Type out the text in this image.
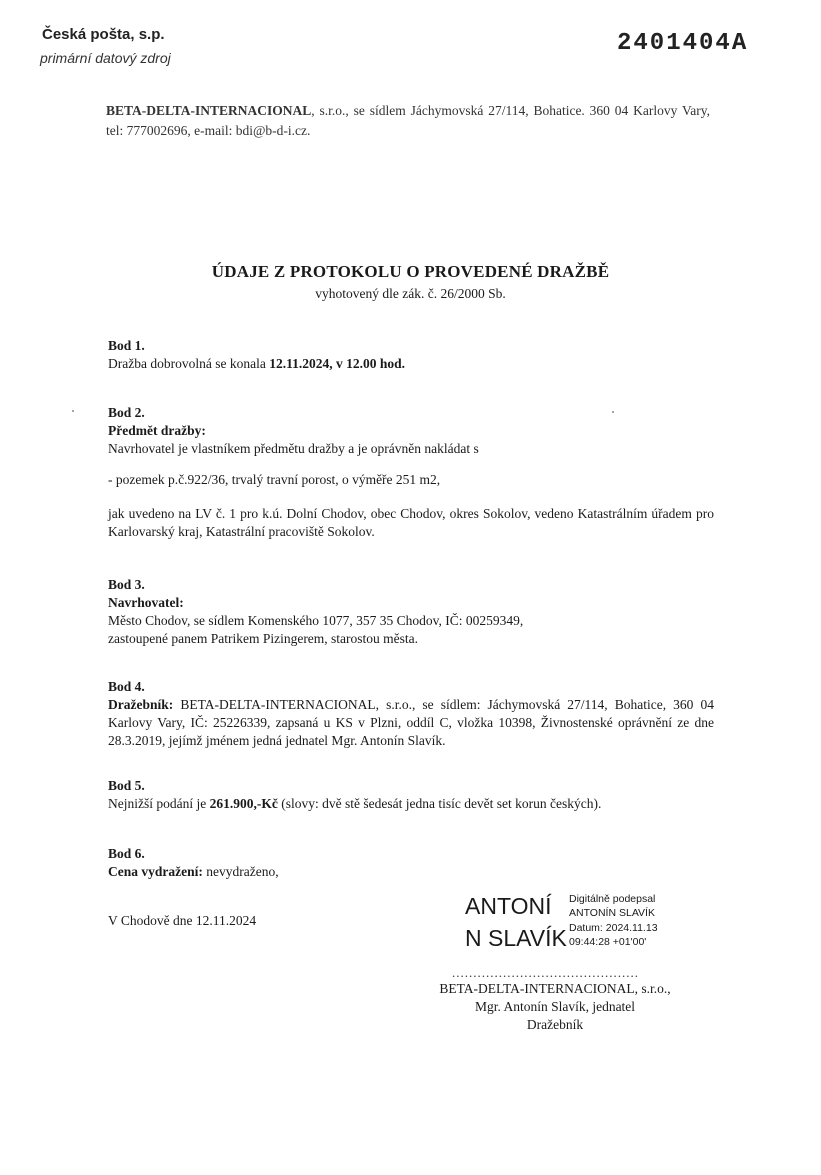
Česká pošta, s.p.
primární datový zdroj
2401404A
BETA-DELTA-INTERNACIONAL, s.r.o., se sídlem Jáchymovská 27/114, Bohatice. 360 04 Karlovy Vary, tel: 777002696, e-mail: bdi@b-d-i.cz.
ÚDAJE Z PROTOKOLU O PROVEDENÉ DRAŽBĚ
vyhotovený dle zák. č. 26/2000 Sb.
Bod 1.
Dražba dobrovolná se konala 12.11.2024, v 12.00 hod.
Bod 2.
Předmět dražby:
Navrhovatel je vlastníkem předmětu dražby a je oprávněn nakládat s
- pozemek p.č.922/36, trvalý travní porost, o výměře 251 m2,
jak uvedeno na LV č. 1 pro k.ú. Dolní Chodov, obec Chodov, okres Sokolov, vedeno Katastrálním úřadem pro Karlovarský kraj, Katastrální pracoviště Sokolov.
Bod 3.
Navrhovatel:
Město Chodov, se sídlem Komenského 1077, 357 35 Chodov, IČ: 00259349,
zastoupené panem Patrikem Pizingerem, starostou města.
Bod 4.
Dražebník: BETA-DELTA-INTERNACIONAL, s.r.o., se sídlem: Jáchymovská 27/114, Bohatice, 360 04 Karlovy Vary, IČ: 25226339, zapsaná u KS v Plzni, oddíl C, vložka 10398, Živnostenské oprávnění ze dne 28.3.2019, jejímž jménem jedná jednatel Mgr. Antonín Slavík.
Bod 5.
Nejnižší podání je 261.900,-Kč (slovy: dvě stě šedesát jedna tisíc devět set korun českých).
Bod 6.
Cena vydražení: nevydraženo,
V Chodově dne 12.11.2024
ANTONÍ
N SLAVÍK
Digitálně podepsal
ANTONÍN SLAVÍK
Datum: 2024.11.13
09:44:28 +01'00'
............................................
BETA-DELTA-INTERNACIONAL, s.r.o.,
Mgr. Antonín Slavík, jednatel
Dražebník
